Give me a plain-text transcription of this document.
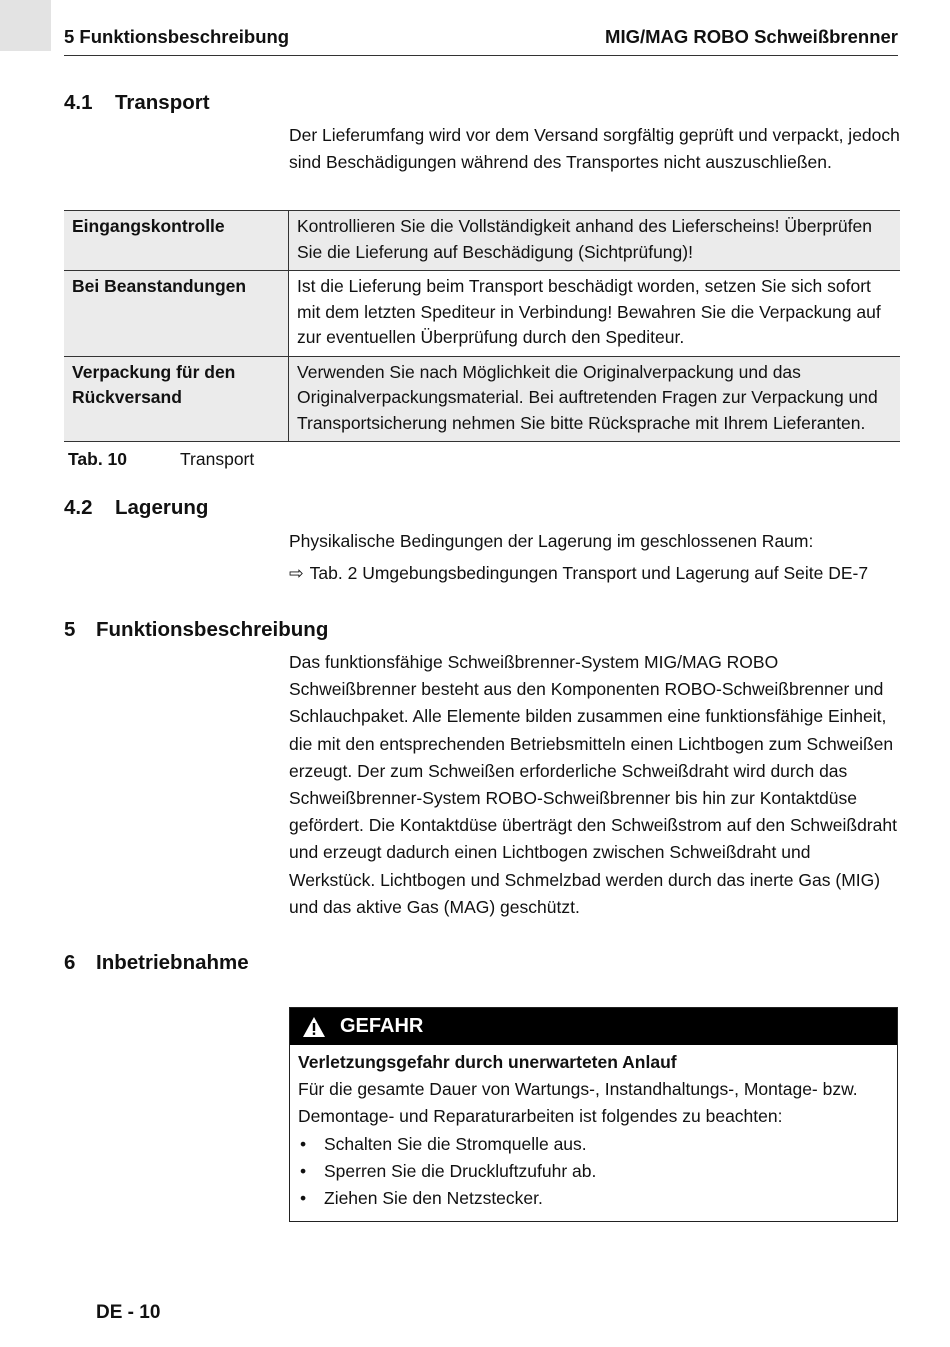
5 Funktionsbeschreibung	MIG/MAG ROBO Schweißbrenner
4.1 Transport
Der Lieferumfang wird vor dem Versand sorgfältig geprüft und verpackt, jedoch sind Beschädigungen während des Transportes nicht auszuschließen.
Eingangskontrolle	Kontrollieren Sie die Vollständigkeit anhand des Lieferscheins! Überprüfen Sie die Lieferung auf Beschädigung (Sichtprüfung)!
Bei Beanstandungen	Ist die Lieferung beim Transport beschädigt worden, setzen Sie sich sofort mit dem letzten Spediteur in Verbindung! Bewahren Sie die Verpackung auf zur eventuellen Überprüfung durch den Spediteur.
Verpackung für den Rückversand	Verwenden Sie nach Möglichkeit die Originalverpackung und das Originalverpackungsmaterial. Bei auftretenden Fragen zur Verpackung und Transportsicherung nehmen Sie bitte Rücksprache mit Ihrem Lieferanten.
Tab. 10	Transport
4.2 Lagerung
Physikalische Bedingungen der Lagerung im geschlossenen Raum:
⇨ Tab. 2 Umgebungsbedingungen Transport und Lagerung auf Seite DE-7
5 Funktionsbeschreibung
Das funktionsfähige Schweißbrenner-System MIG/MAG ROBO Schweißbrenner besteht aus den Komponenten ROBO-Schweißbrenner und Schlauchpaket. Alle Elemente bilden zusammen eine funktionsfähige Einheit, die mit den entsprechenden Betriebsmitteln einen Lichtbogen zum Schweißen erzeugt. Der zum Schweißen erforderliche Schweißdraht wird durch das Schweißbrenner-System ROBO-Schweißbrenner bis hin zur Kontaktdüse gefördert. Die Kontaktdüse überträgt den Schweißstrom auf den Schweißdraht und erzeugt dadurch einen Lichtbogen zwischen Schweißdraht und Werkstück. Lichtbogen und Schmelzbad werden durch das inerte Gas (MIG) und das aktive Gas (MAG) geschützt.
6 Inbetriebnahme
GEFAHR
Verletzungsgefahr durch unerwarteten Anlauf
Für die gesamte Dauer von Wartungs-, Instandhaltungs-, Montage- bzw. Demontage- und Reparaturarbeiten ist folgendes zu beachten:
• Schalten Sie die Stromquelle aus.
• Sperren Sie die Druckluftzufuhr ab.
• Ziehen Sie den Netzstecker.
DE - 10
